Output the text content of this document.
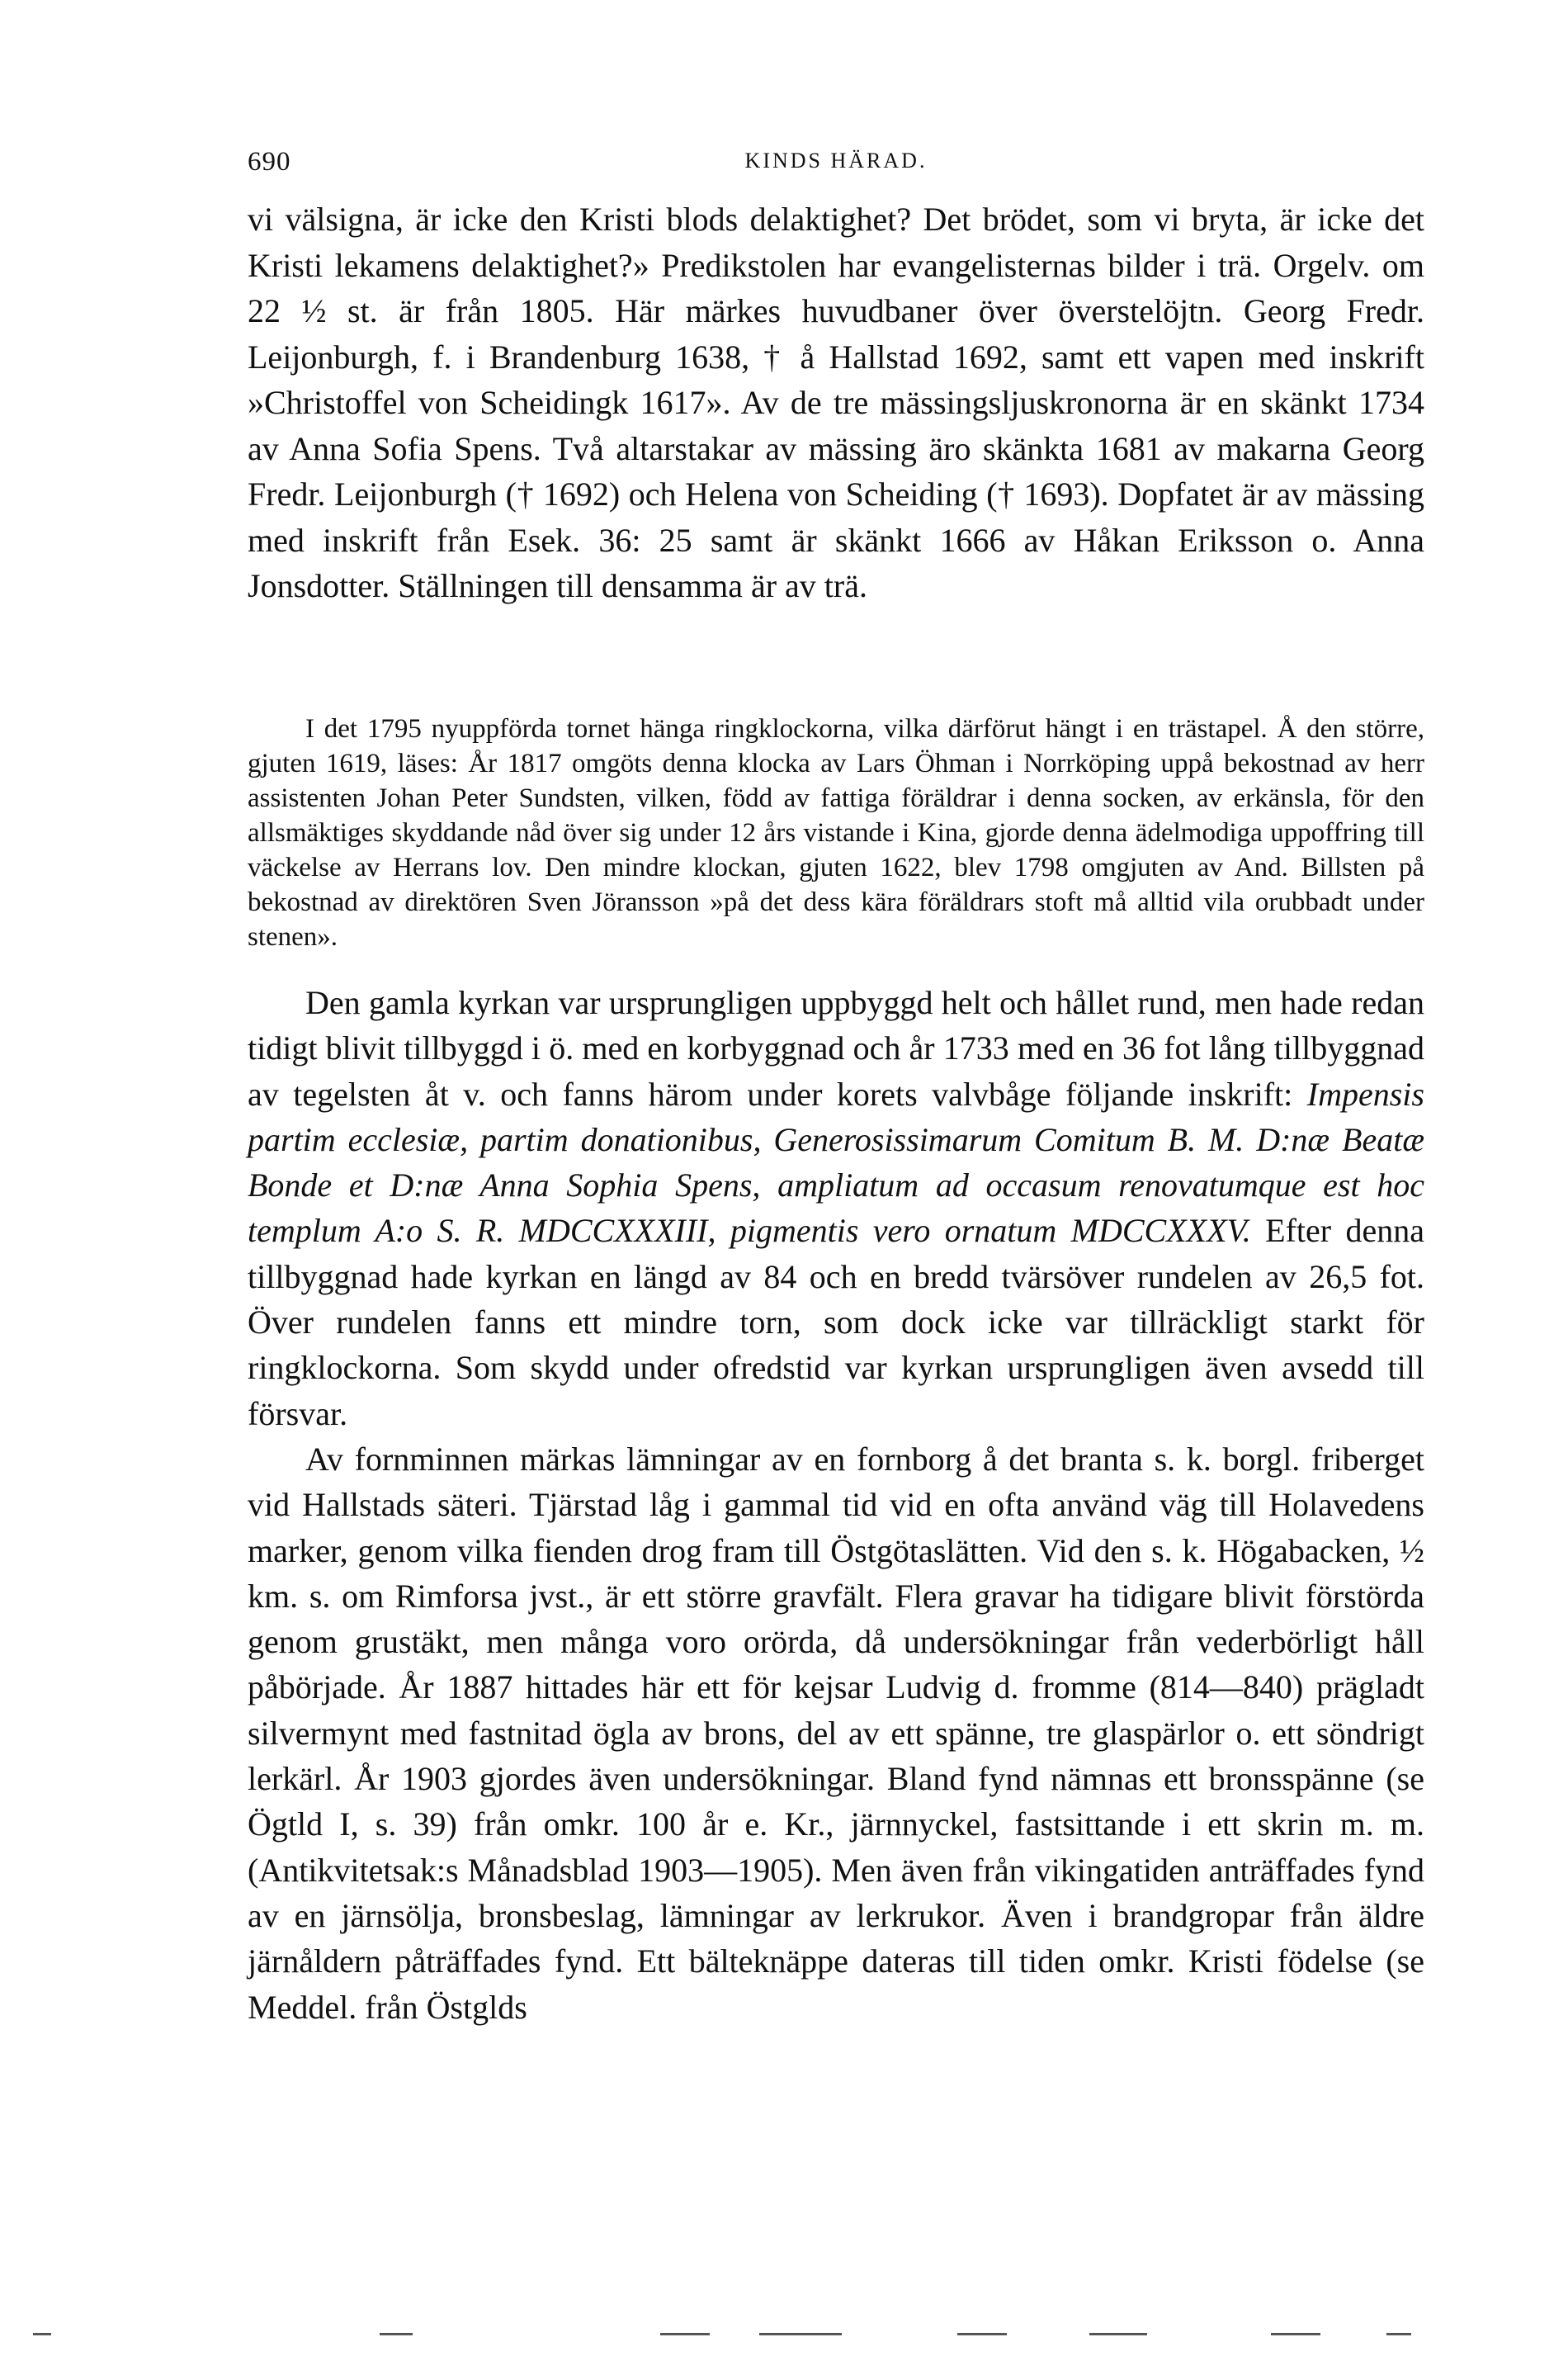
690	KINDS HÄRAD.

vi välsigna, är icke den Kristi blods delaktighet? Det brödet, som vi bryta, är icke det Kristi lekamens delaktighet?» Predikstolen har evangelisternas bilder i trä. Orgelv. om 22 ½ st. är från 1805. Här märkes huvudbaner över överstelöjtn. Georg Fredr. Leijonburgh, f. i Brandenburg 1638, † å Hallstad 1692, samt ett vapen med inskrift »Christoffel von Scheidingk 1617». Av de tre mässingsljuskronorna är en skänkt 1734 av Anna Sofia Spens. Två altarstakar av mässing äro skänkta 1681 av makarna Georg Fredr. Leijonburgh († 1692) och Helena von Scheiding († 1693). Dopfatet är av mässing med inskrift från Esek. 36: 25 samt är skänkt 1666 av Håkan Eriksson o. Anna Jonsdotter. Ställningen till densamma är av trä.

I det 1795 nyuppförda tornet hänga ringklockorna, vilka därförut hängt i en trästapel. Å den större, gjuten 1619, läses: År 1817 omgöts denna klocka av Lars Öhman i Norrköping uppå bekostnad av herr assistenten Johan Peter Sundsten, vilken, född av fattiga föräldrar i denna socken, av erkänsla, för den allsmäktiges skyddande nåd över sig under 12 års vistande i Kina, gjorde denna ädelmodiga uppoffring till väckelse av Herrans lov. Den mindre klockan, gjuten 1622, blev 1798 omgjuten av And. Billsten på bekostnad av direktören Sven Jöransson »på det dess kära föräldrars stoft må alltid vila orubbadt under stenen».

Den gamla kyrkan var ursprungligen uppbyggd helt och hållet rund, men hade redan tidigt blivit tillbyggd i ö. med en korbyggnad och år 1733 med en 36 fot lång tillbyggnad av tegelsten åt v. och fanns härom under korets valvbåge följande inskrift: Impensis partim ecclesiæ, partim donationibus, Generosissimarum Comitum B. M. D:næ Beatæ Bonde et D:næ Anna Sophia Spens, ampliatum ad occasum renovatumque est hoc templum A:o S. R. MDCCXXXIII, pigmentis vero ornatum MDCCXXXV. Efter denna tillbyggnad hade kyrkan en längd av 84 och en bredd tvärsöver rundelen av 26,5 fot. Över rundelen fanns ett mindre torn, som dock icke var tillräckligt starkt för ringklockorna. Som skydd under ofredstid var kyrkan ursprungligen även avsedd till försvar.

Av fornminnen märkas lämningar av en fornborg å det branta s. k. borgl. friberget vid Hallstads säteri. Tjärstad låg i gammal tid vid en ofta använd väg till Holavedens marker, genom vilka fienden drog fram till Östgötaslätten. Vid den s. k. Högabacken, ½ km. s. om Rimforsa jvst., är ett större gravfält. Flera gravar ha tidigare blivit förstörda genom grustäkt, men många voro orörda, då undersökningar från vederbörligt håll påbörjade. År 1887 hittades här ett för kejsar Ludvig d. fromme (814—840) prägladt silvermynt med fastnitad ögla av brons, del av ett spänne, tre glaspärlor o. ett söndrigt lerkärl. År 1903 gjordes även undersökningar. Bland fynd nämnas ett bronsspänne (se Ögtld I, s. 39) från omkr. 100 år e. Kr., järnnyckel, fastsittande i ett skrin m. m. (Antikvitetsak:s Månadsblad 1903—1905). Men även från vikingatiden anträffades fynd av en järnsölja, bronsbeslag, lämningar av lerkrukor. Även i brandgropar från äldre järnåldern påträffades fynd. Ett bälteknäppe dateras till tiden omkr. Kristi födelse (se Meddel. från Östglds
